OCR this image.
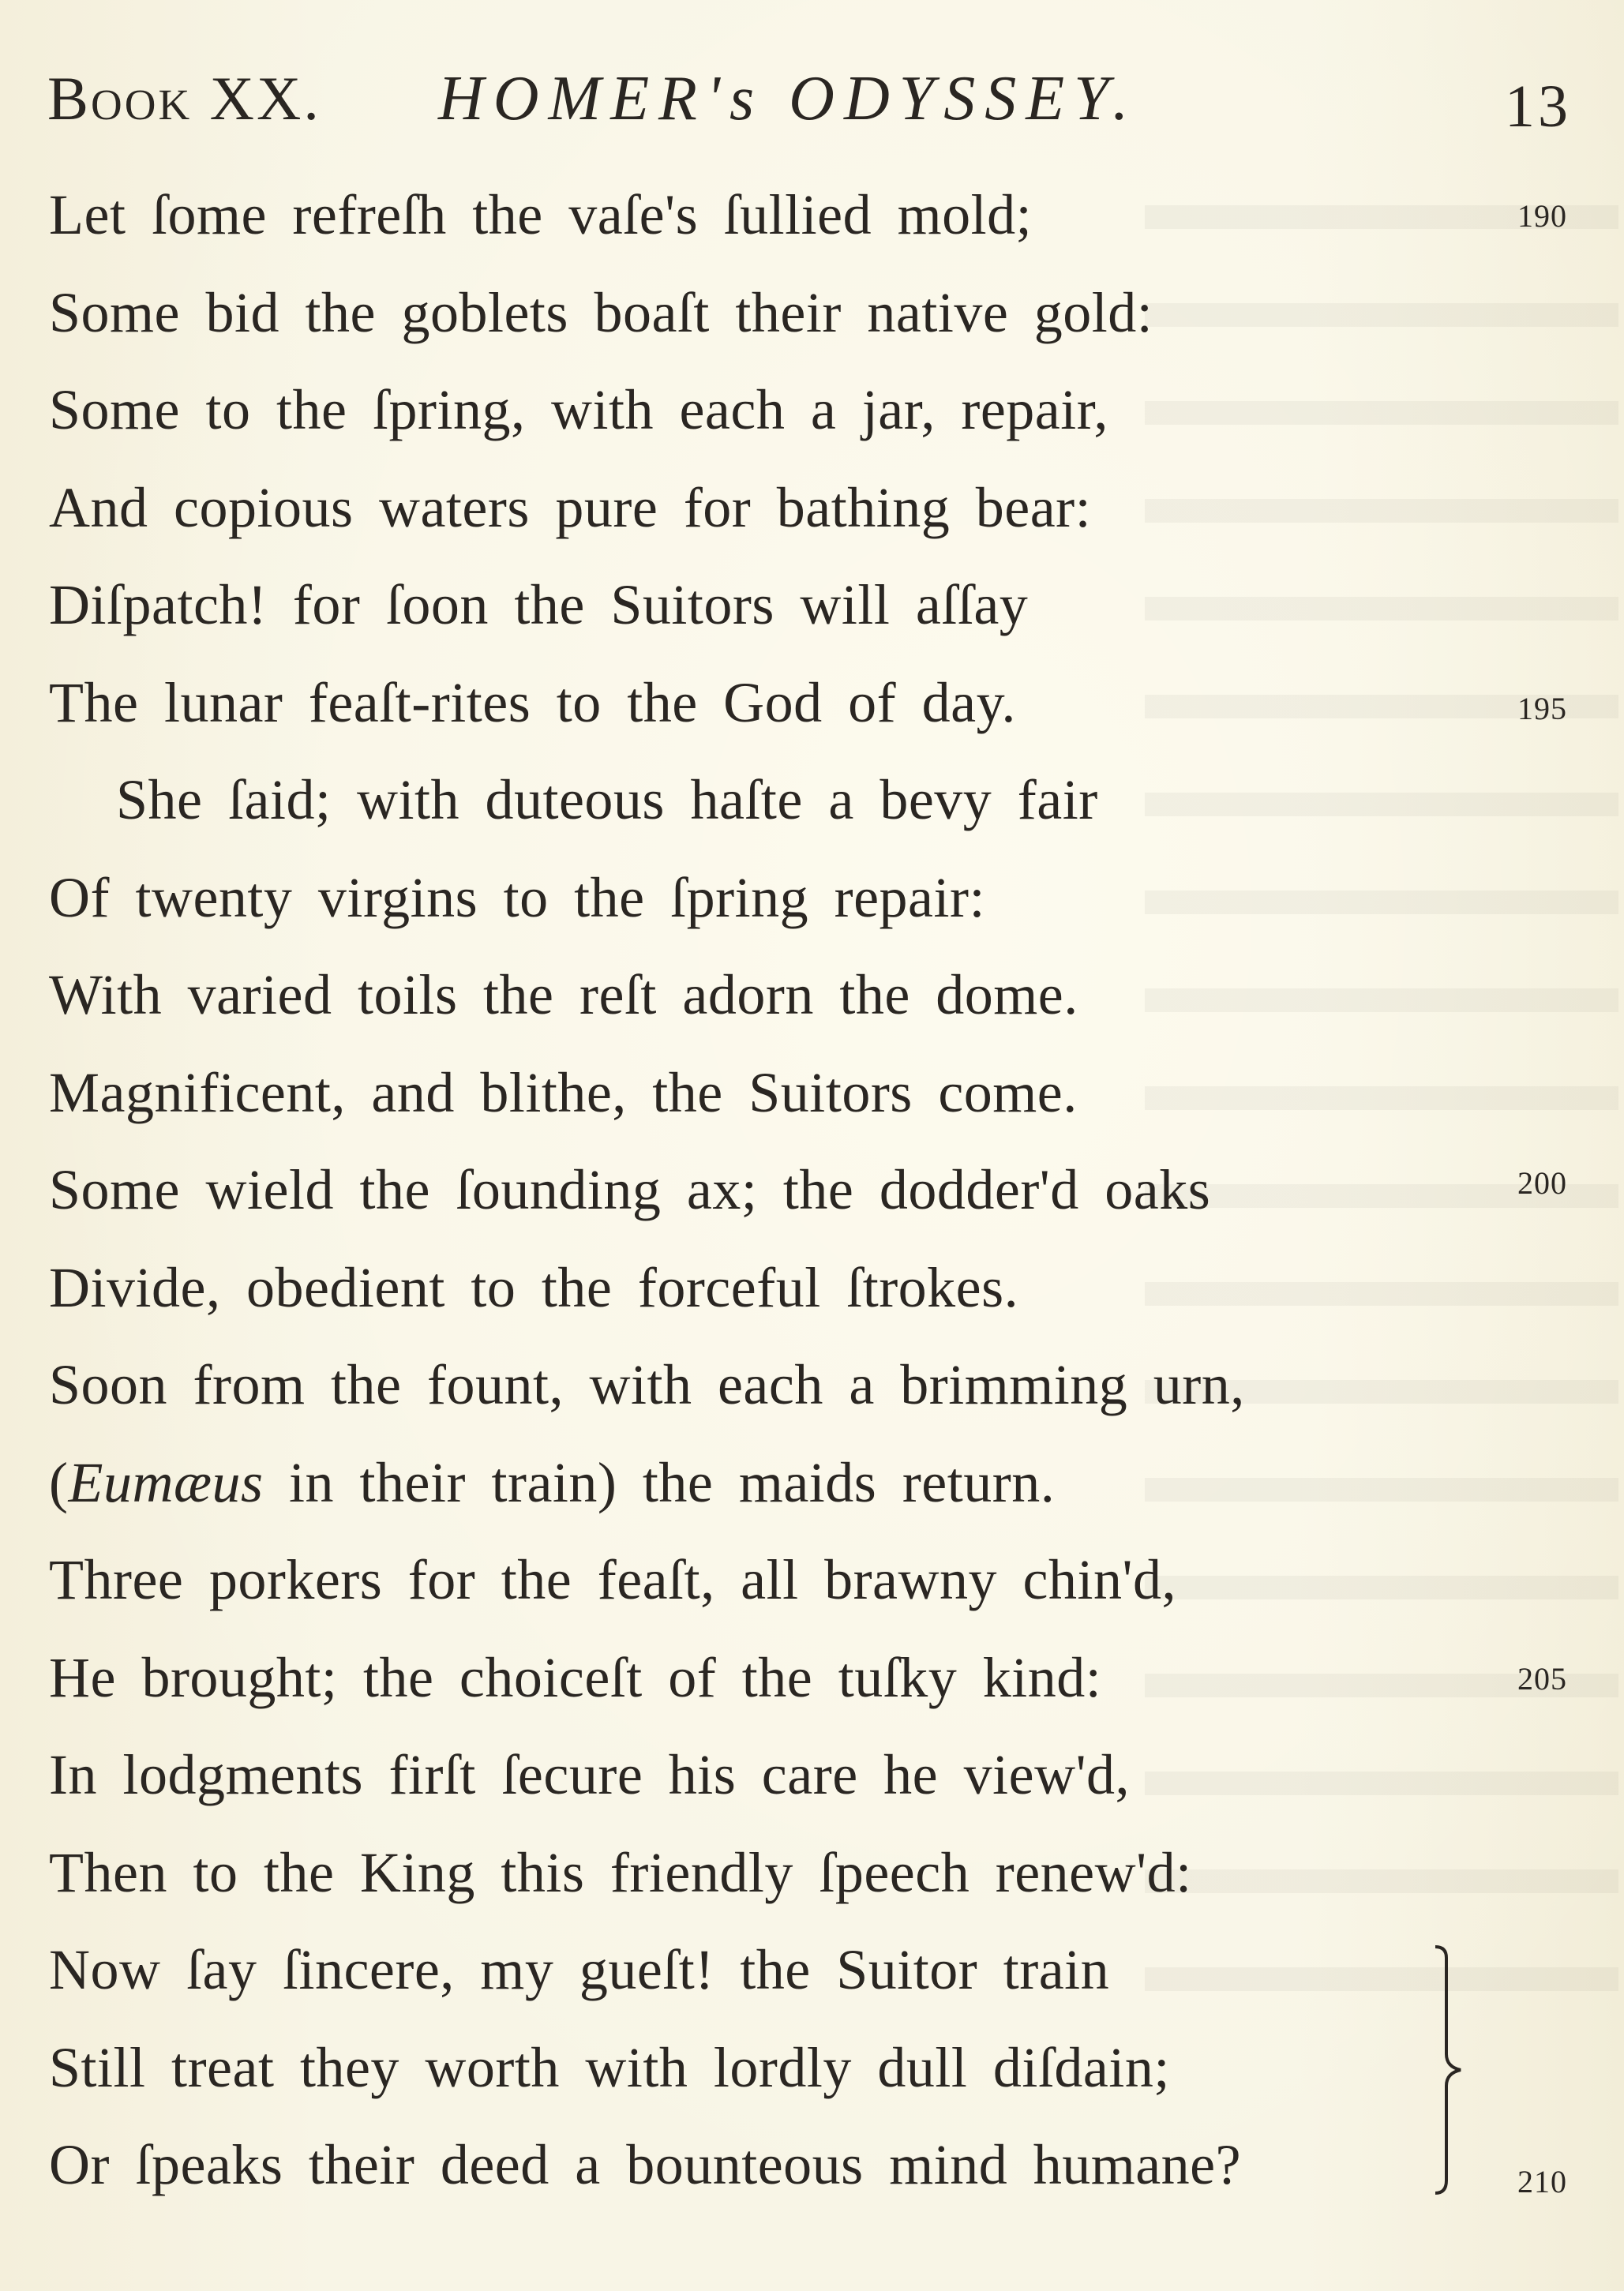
Book XX. HOMER's ODYSSEY.	13
Let ſome refreſh the vaſe's ſullied mold;	190
Some bid the goblets boaſt their native gold:
Some to the ſpring, with each a jar, repair,
And copious waters pure for bathing bear:
Diſpatch! for ſoon the Suitors will aſſay
The lunar feaſt-rites to the God of day.	195
She ſaid; with duteous haſte a bevy fair
Of twenty virgins to the ſpring repair:
With varied toils the reſt adorn the dome.
Magnificent, and blithe, the Suitors come.
Some wield the ſounding ax; the dodder'd oaks	200
Divide, obedient to the forceful ſtrokes.
Soon from the fount, with each a brimming urn,
(Eumæus in their train) the maids return.
Three porkers for the feaſt, all brawny chin'd,
He brought; the choiceſt of the tuſky kind:	205
In lodgments firſt ſecure his care he view'd,
Then to the King this friendly ſpeech renew'd:
Now ſay ſincere, my gueſt! the Suitor train
Still treat they worth with lordly dull diſdain;
Or ſpeaks their deed a bounteous mind humane?	210
